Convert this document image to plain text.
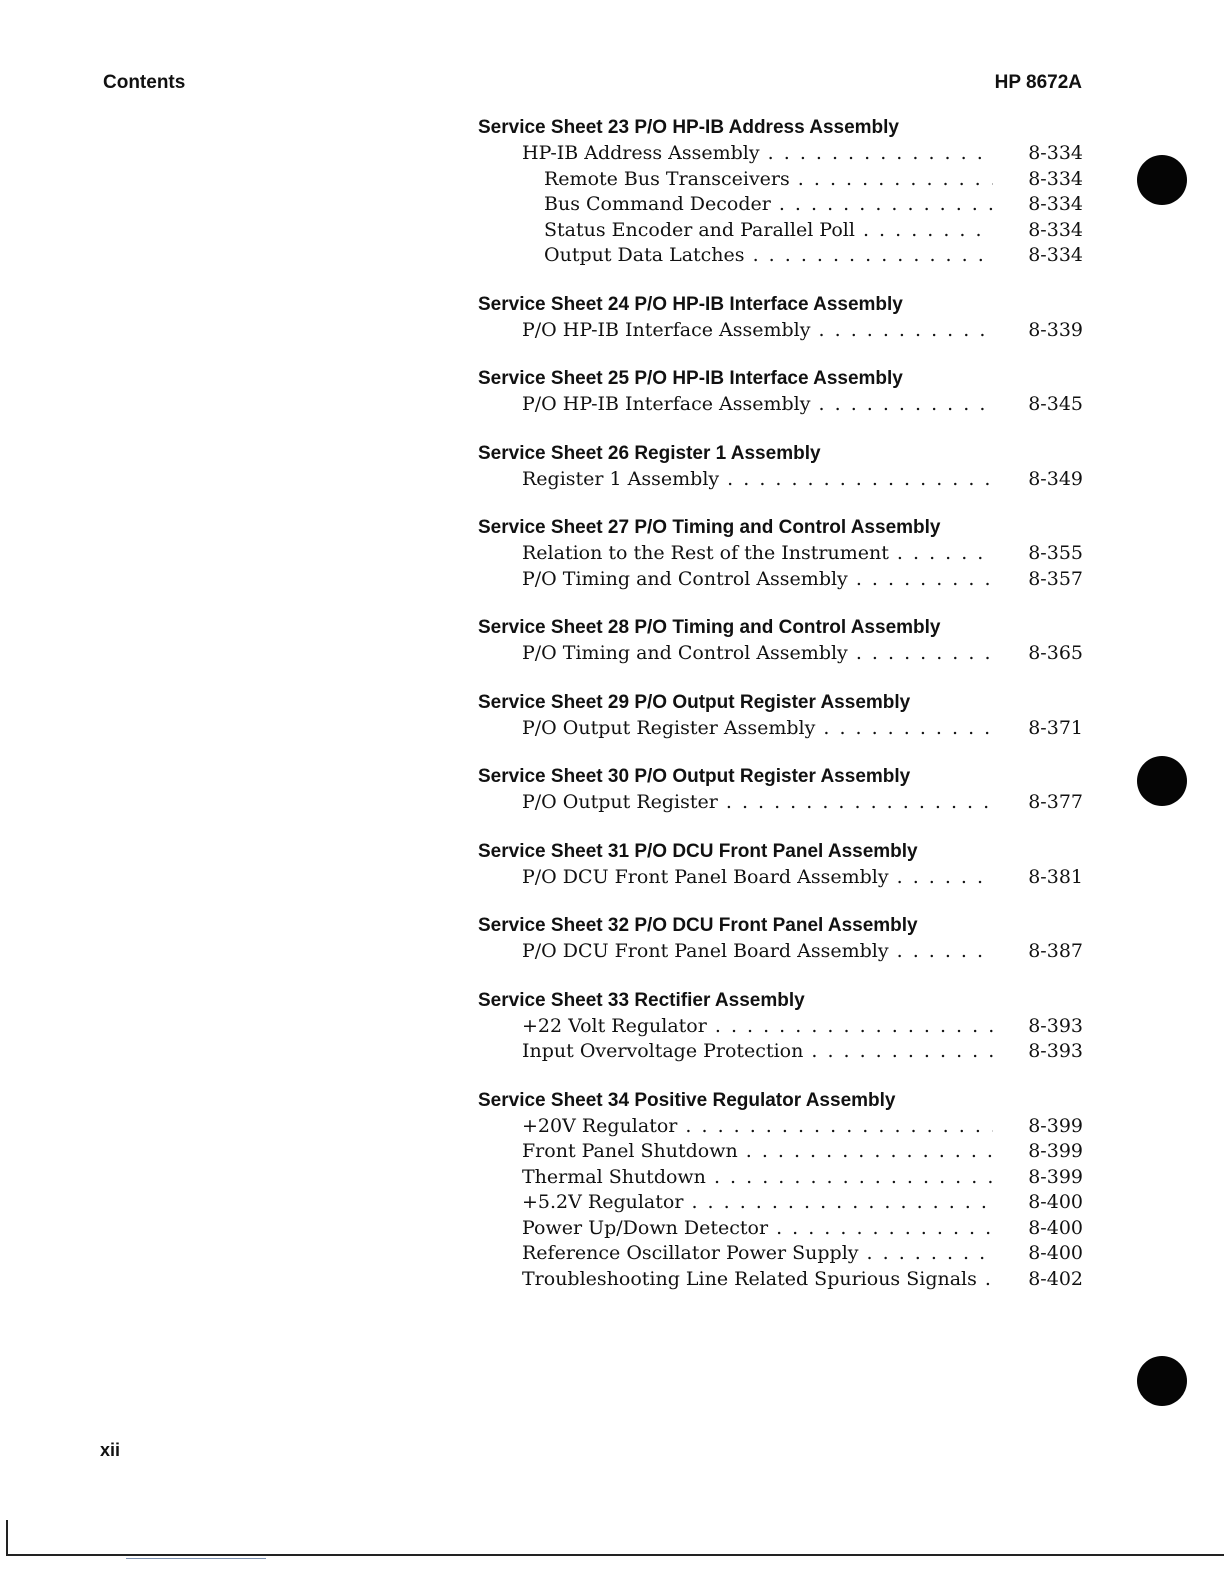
Contents	HP 8672A
Service Sheet 23 P/O HP-IB Address Assembly
HP-IB Address Assembly . . .	8-334
Remote Bus Transceivers . . .	8-334
Bus Command Decoder . . .	8-334
Status Encoder and Parallel Poll . . .	8-334
Output Data Latches . . .	8-334
Service Sheet 24 P/O HP-IB Interface Assembly
P/O HP-IB Interface Assembly . . .	8-339
Service Sheet 25 P/O HP-IB Interface Assembly
P/O HP-IB Interface Assembly . . .	8-345
Service Sheet 26 Register 1 Assembly
Register 1 Assembly . . .	8-349
Service Sheet 27 P/O Timing and Control Assembly
Relation to the Rest of the Instrument . . .	8-355
P/O Timing and Control Assembly . . .	8-357
Service Sheet 28 P/O Timing and Control Assembly
P/O Timing and Control Assembly . . .	8-365
Service Sheet 29 P/O Output Register Assembly
P/O Output Register Assembly . . .	8-371
Service Sheet 30 P/O Output Register Assembly
P/O Output Register . . .	8-377
Service Sheet 31 P/O DCU Front Panel Assembly
P/O DCU Front Panel Board Assembly . . .	8-381
Service Sheet 32 P/O DCU Front Panel Assembly
P/O DCU Front Panel Board Assembly . . .	8-387
Service Sheet 33 Rectifier Assembly
+22 Volt Regulator . . .	8-393
Input Overvoltage Protection . . .	8-393
Service Sheet 34 Positive Regulator Assembly
+20V Regulator . . .	8-399
Front Panel Shutdown . . .	8-399
Thermal Shutdown . . .	8-399
+5.2V Regulator . . .	8-400
Power Up/Down Detector . . .	8-400
Reference Oscillator Power Supply . . .	8-400
Troubleshooting Line Related Spurious Signals . . .	8-402
xii
